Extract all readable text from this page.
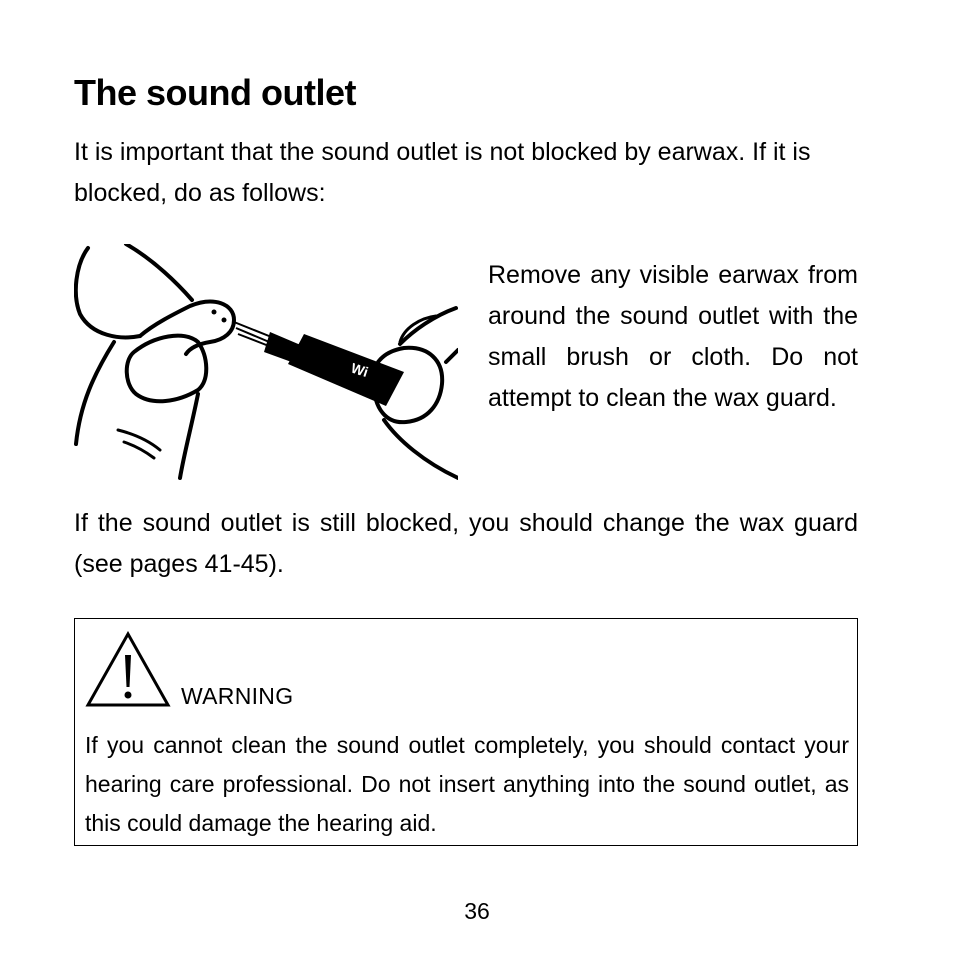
The sound outlet

It is important that the sound outlet is not blocked by earwax. If it is blocked, do as follows:

Wi

Remove any visible earwax from around the sound outlet with the small brush or cloth. Do not attempt to clean the wax guard.

If the sound outlet is still blocked, you should change the wax guard (see pages 41-45).

WARNING

If you cannot clean the sound outlet completely, you should contact your hearing care professional. Do not insert anything into the sound outlet, as this could damage the hearing aid.

36
